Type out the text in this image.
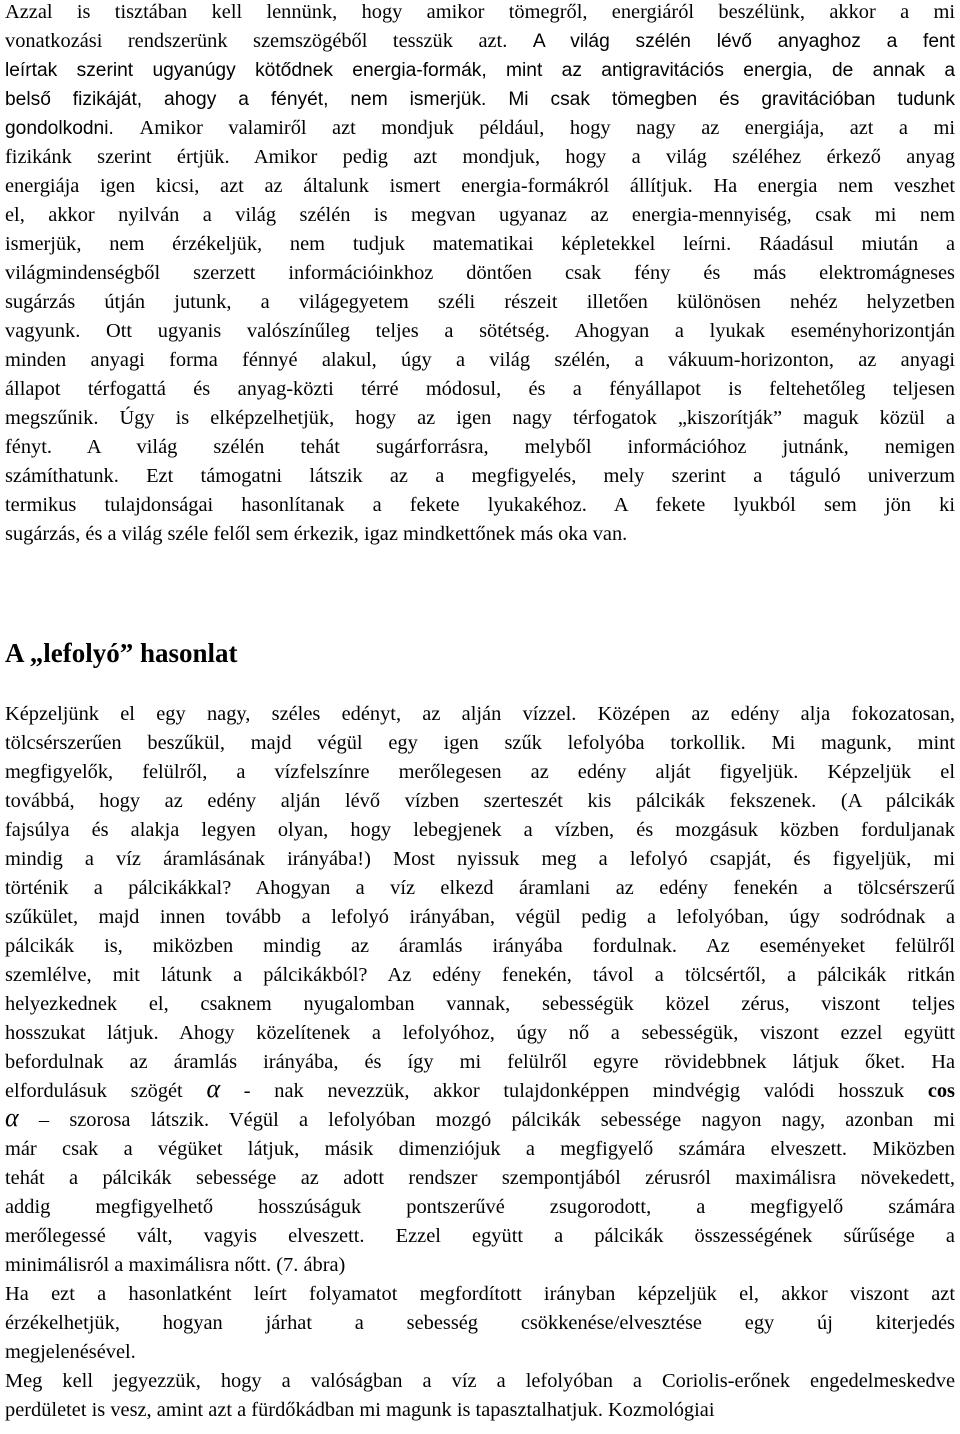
Azzal is tisztában kell lennünk, hogy amikor tömegről, energiáról beszélünk, akkor a mi
vonatkozási rendszerünk szemszögéből tesszük azt. A világ szélén lévő anyaghoz a fent
leírtak szerint ugyanúgy kötődnek energia-formák, mint az antigravitációs energia, de annak a
belső fizikáját, ahogy a fényét, nem ismerjük. Mi csak tömegben és gravitációban tudunk
gondolkodni. Amikor valamiről azt mondjuk például, hogy nagy az energiája, azt a mi
fizikánk szerint értjük. Amikor pedig azt mondjuk, hogy a világ széléhez érkező anyag
energiája igen kicsi, azt az általunk ismert energia-formákról állítjuk. Ha energia nem veszhet
el, akkor nyilván a világ szélén is megvan ugyanaz az energia-mennyiség, csak mi nem
ismerjük, nem érzékeljük, nem tudjuk matematikai képletekkel leírni. Ráadásul miután a
világmindenségből szerzett információinkhoz döntően csak fény és más elektromágneses
sugárzás útján jutunk, a világegyetem széli részeit illetően különösen nehéz helyzetben
vagyunk. Ott ugyanis valószínűleg teljes a sötétség. Ahogyan a lyukak eseményhorizontján
minden anyagi forma fénnyé alakul, úgy a világ szélén, a vákuum-horizonton, az anyagi
állapot térfogattá és anyag-közti térré módosul, és a fényállapot is feltehetőleg teljesen
megszűnik. Úgy is elképzelhetjük, hogy az igen nagy térfogatok „kiszorítják” maguk közül a
fényt. A világ szélén tehát sugárforrásra, melyből információhoz jutnánk, nemigen
számíthatunk. Ezt támogatni látszik az a megfigyelés, mely szerint a táguló univerzum
termikus tulajdonságai hasonlítanak a fekete lyukakéhoz. A fekete lyukból sem jön ki
sugárzás, és a világ széle felől sem érkezik, igaz mindkettőnek más oka van.
A „lefolyó” hasonlat
Képzeljünk el egy nagy, széles edényt, az alján vízzel. Középen az edény alja fokozatosan,
tölcsérszerűen beszűkül, majd végül egy igen szűk lefolyóba torkollik. Mi magunk, mint
megfigyelők, felülről, a vízfelszínre merőlegesen az edény alját figyeljük. Képzeljük el
továbbá, hogy az edény alján lévő vízben szerteszét kis pálcikák fekszenek. (A pálcikák
fajsúlya és alakja legyen olyan, hogy lebegjenek a vízben, és mozgásuk közben forduljanak
mindig a víz áramlásának irányába!) Most nyissuk meg a lefolyó csapját, és figyeljük, mi
történik a pálcikákkal? Ahogyan a víz elkezd áramlani az edény fenekén a tölcsérszerű
szűkület, majd innen tovább a lefolyó irányában, végül pedig a lefolyóban, úgy sodródnak a
pálcikák is, miközben mindig az áramlás irányába fordulnak. Az eseményeket felülről
szemlélve, mit látunk a pálcikákból? Az edény fenekén, távol a tölcsértől, a pálcikák ritkán
helyezkednek el, csaknem nyugalomban vannak, sebességük közel zérus, viszont teljes
hosszukat látjuk. Ahogy közelítenek a lefolyóhoz, úgy nő a sebességük, viszont ezzel együtt
befordulnak az áramlás irányába, és így mi felülről egyre rövidebbnek látjuk őket. Ha
elfordulásuk szögét α - nak nevezzük, akkor tulajdonképpen mindvégig valódi hosszuk cos
α – szorosa látszik. Végül a lefolyóban mozgó pálcikák sebessége nagyon nagy, azonban mi
már csak a végüket látjuk, másik dimenziójuk a megfigyelő számára elveszett. Miközben
tehát a pálcikák sebessége az adott rendszer szempontjából zérusról maximálisra növekedett,
addig megfigyelhető hosszúságuk pontszerűvé zsugorodott, a megfigyelő számára
merőlegessé vált, vagyis elveszett. Ezzel együtt a pálcikák összességének sűrűsége a
minimálisról a maximálisra nőtt. (7. ábra)
Ha ezt a hasonlatként leírt folyamatot megfordított irányban képzeljük el, akkor viszont azt
érzékelhetjük, hogyan járhat a sebesség csökkenése/elvesztése egy új kiterjedés
megjelenésével.
Meg kell jegyezzük, hogy a valóságban a víz a lefolyóban a Coriolis-erőnek engedelmeskedve
perdületet is vesz, amint azt a fürdőkádban mi magunk is tapasztalhatjuk. Kozmológiai
